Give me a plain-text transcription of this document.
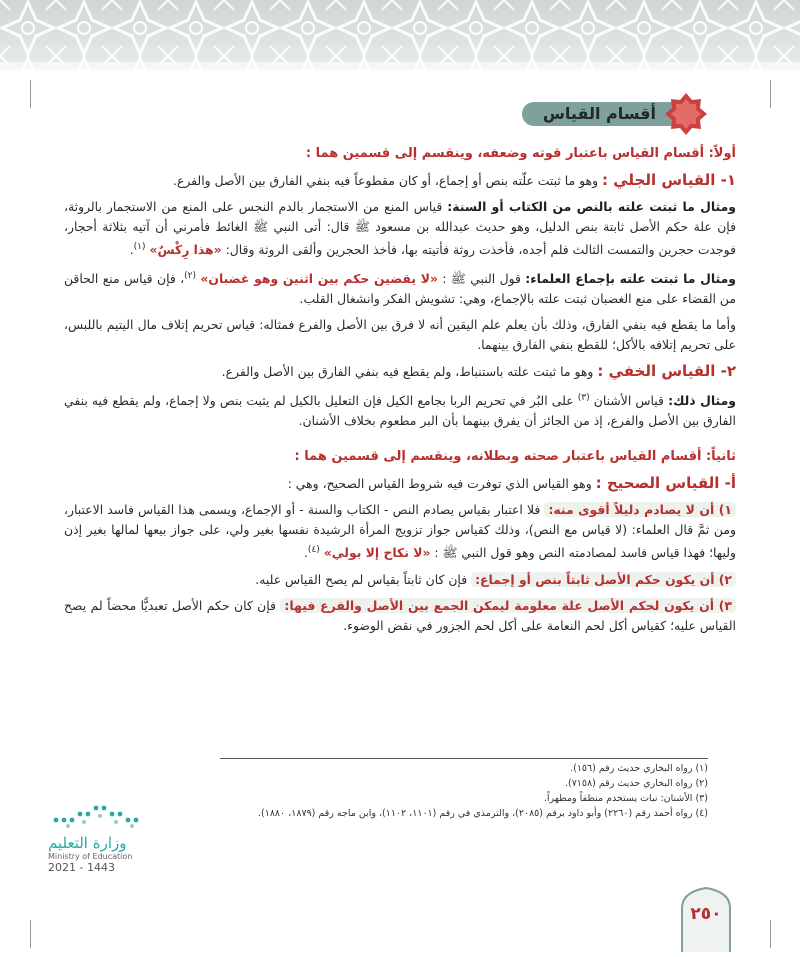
أقسام القياس

أولاً: أقسام القياس باعتبار قوته وضعفه، وينقسم إلى قسمين هما :

١- القياس الجلي : وهو ما ثبتت علّته بنص أو إجماع، أو كان مقطوعاً فيه بنفي الفارق بين الأصل والفرع.

ومثال ما ثبتت علته بالنص من الكتاب أو السنة: قياس المنع من الاستجمار بالدم النجس على المنع من الاستجمار بالروثة، فإن علة حكم الأصل ثابتة بنص الدليل، وهو حديث عبدالله بن مسعود ﷺ قال: أتى النبي ﷺ الغائط فأمرني أن آتيه بثلاثة أحجار، فوجدت حجرين والتمست الثالث فلم أجده، فأخذت روثة فأتيته بها، فأخذ الحجرين وألقى الروثة وقال: «هذا رِكْسٌ» $^{(١)}$.

ومثال ما ثبتت علته بإجماع العلماء: قول النبي ﷺ : «لا يقضين حكم بين اثنين وهو غضبان» $^{(٢)}$، فإن قياس منع الحاقن من القضاء على منع الغضبان ثبتت علته بالإجماع، وهي: تشويش الفكر وانشغال القلب.

وأما ما يقطع فيه بنفي الفارق، وذلك بأن يعلم علم اليقين أنه لا فرق بين الأصل والفرع فمثاله: قياس تحريم إتلاف مال اليتيم باللبس، على تحريم إتلافه بالأكل؛ للقطع بنفي الفارق بينهما.

٢- القياس الخفي : وهو ما ثبتت علته باستنباط، ولم يقطع فيه بنفي الفارق بين الأصل والفرع.

ومثال ذلك: قياس الأشنان $^{(٣)}$ على البُر في تحريم الربا بجامع الكيل فإن التعليل بالكيل لم يثبت بنص ولا إجماع، ولم يقطع فيه بنفي الفارق بين الأصل والفرع، إذ من الجائز أن يفرق بينهما بأن البر مطعوم بخلاف الأشنان.

ثانياً: أقسام القياس باعتبار صحته وبطلانه، وينقسم إلى قسمين هما :

أ- القياس الصحيح : وهو القياس الذي توفرت فيه شروط القياس الصحيح، وهي :

١) أن لا يصادم دليلاً أقوى منه: فلا اعتبار بقياس يصادم النص - الكتاب والسنة - أو الإجماع، ويسمى هذا القياس فاسد الاعتبار، ومن ثمَّ قال العلماء: (لا قياس مع النص)، وذلك كقياس جواز تزويج المرأة الرشيدة نفسها بغير ولي، على جواز بيعها لمالها بغير إذن وليها؛ فهذا قياس فاسد لمصادمته النص وهو قول النبي ﷺ : «لا نكاح إلا بولي» $^{(٤)}$.

٢) أن يكون حكم الأصل ثابتاً بنص أو إجماع: فإن كان ثابتاً بقياس لم يصح القياس عليه.

٣) أن يكون لحكم الأصل علة معلومة ليمكن الجمع بين الأصل والفرع فيها: فإن كان حكم الأصل تعبديًّا محضاً لم يصح القياس عليه؛ كقياس أكل لحم النعامة على أكل لحم الجزور في نقض الوضوء.

(١) رواه البخاري حديث رقم (١٥٦).
(٢) رواه البخاري حديث رقم (٧١٥٨).
(٣) الأشنان: نبات يستخدم منظفاً ومطهراً.
(٤) رواه أحمد رقم (٢٢٦٠) وأبو داود برقم (٢٠٨٥)، والترمذي في رقم (١١٠١، ١١٠٢)، وابن ماجه رقم (١٨٧٩، ١٨٨٠).
وزارة التعليم
Ministry of Education
2021 - 1443
٢٥٠
